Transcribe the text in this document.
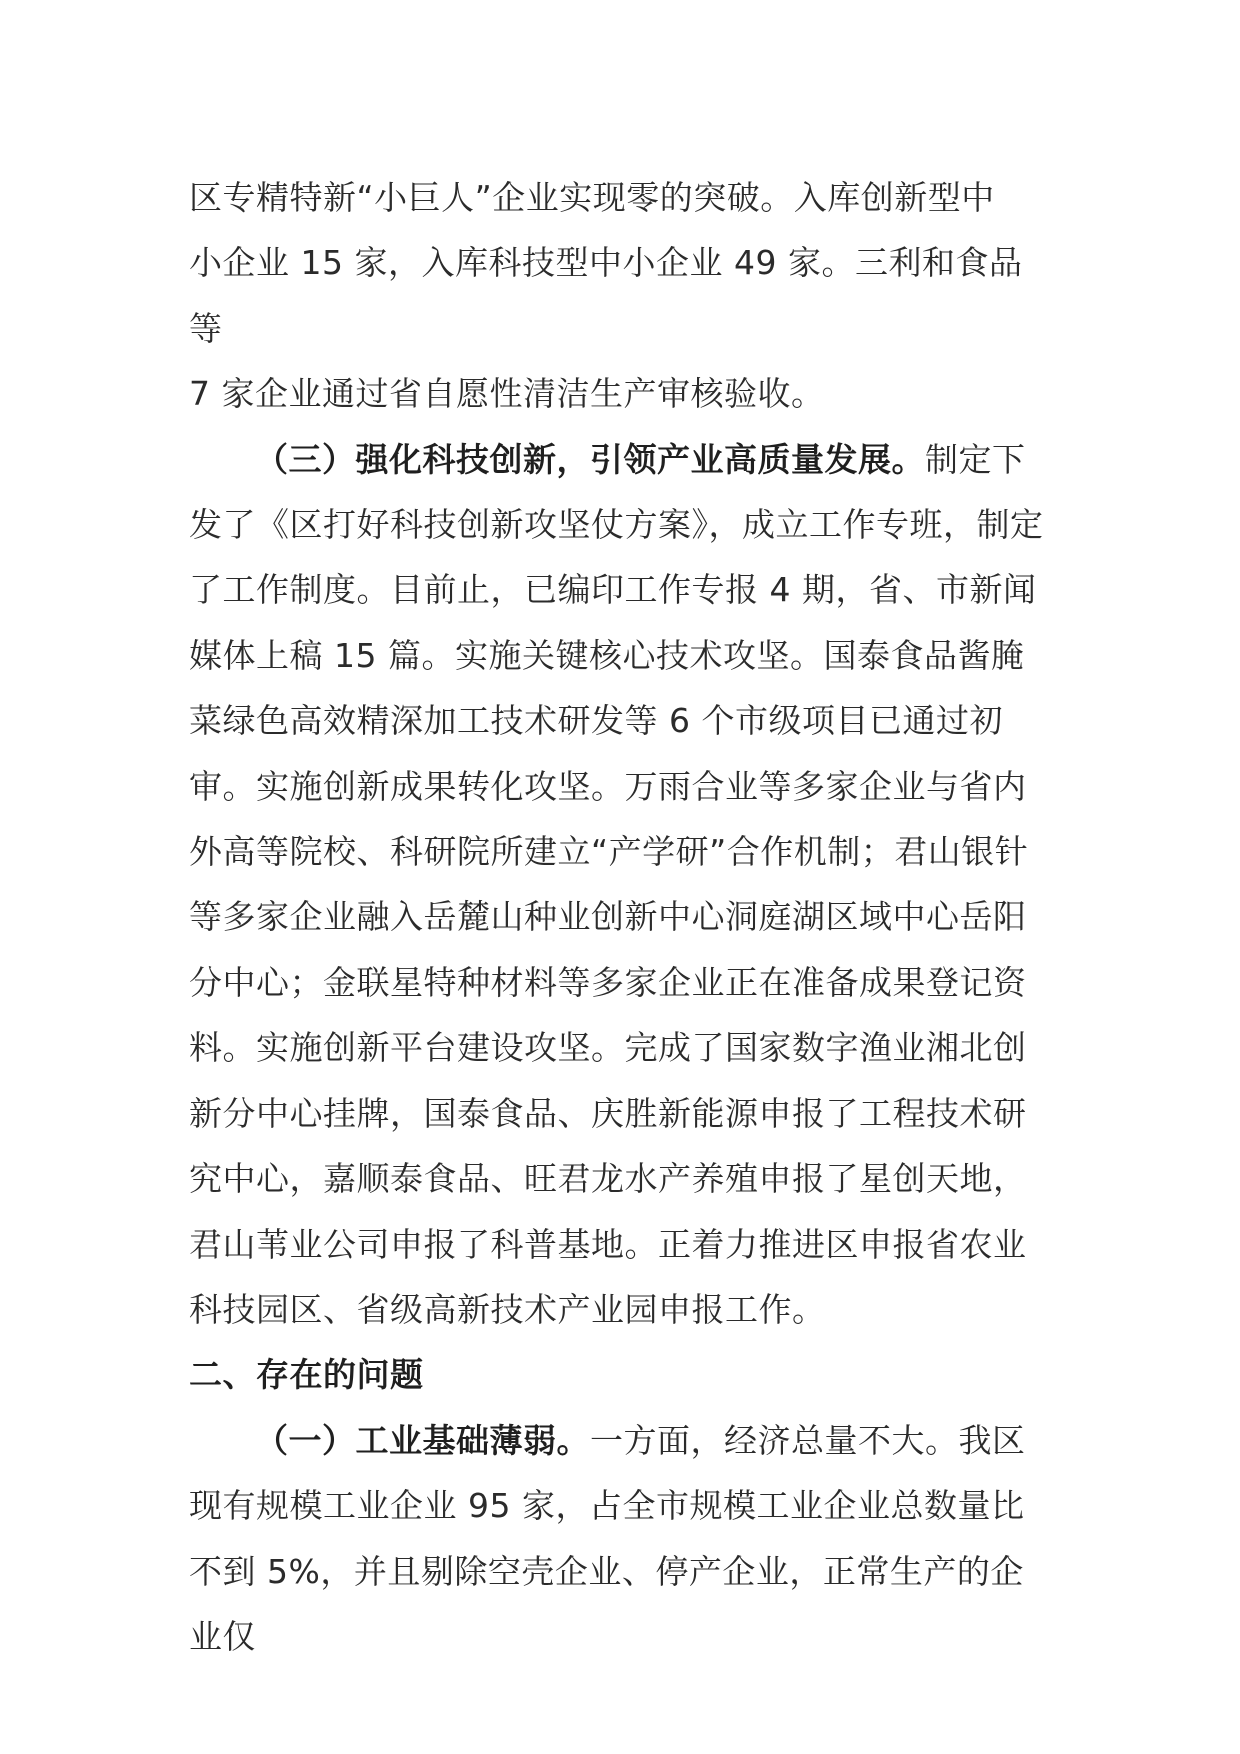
区专精特新“小巨人”企业实现零的突破。入库创新型中
小企业 15 家，入库科技型中小企业 49 家。三利和食品等
7 家企业通过省自愿性清洁生产审核验收。

（三）强化科技创新，引领产业高质量发展。制定下发了《区打好科技创新攻坚仗方案》，成立工作专班，制定了工作制度。目前止，已编印工作专报 4 期，省、市新闻媒体上稿 15 篇。实施关键核心技术攻坚。国泰食品酱腌菜绿色高效精深加工技术研发等 6 个市级项目已通过初审。实施创新成果转化攻坚。万雨合业等多家企业与省内外高等院校、科研院所建立“产学研”合作机制；君山银针等多家企业融入岳麓山种业创新中心洞庭湖区域中心岳阳分中心；金联星特种材料等多家企业正在准备成果登记资料。实施创新平台建设攻坚。完成了国家数字渔业湘北创新分中心挂牌，国泰食品、庆胜新能源申报了工程技术研究中心，嘉顺泰食品、旺君龙水产养殖申报了星创天地，君山苇业公司申报了科普基地。正着力推进区申报省农业科技园区、省级高新技术产业园申报工作。

二、存在的问题

（一）工业基础薄弱。一方面，经济总量不大。我区现有规模工业企业 95 家，占全市规模工业企业总数量比不到 5%，并且剔除空壳企业、停产企业，正常生产的企业仅
